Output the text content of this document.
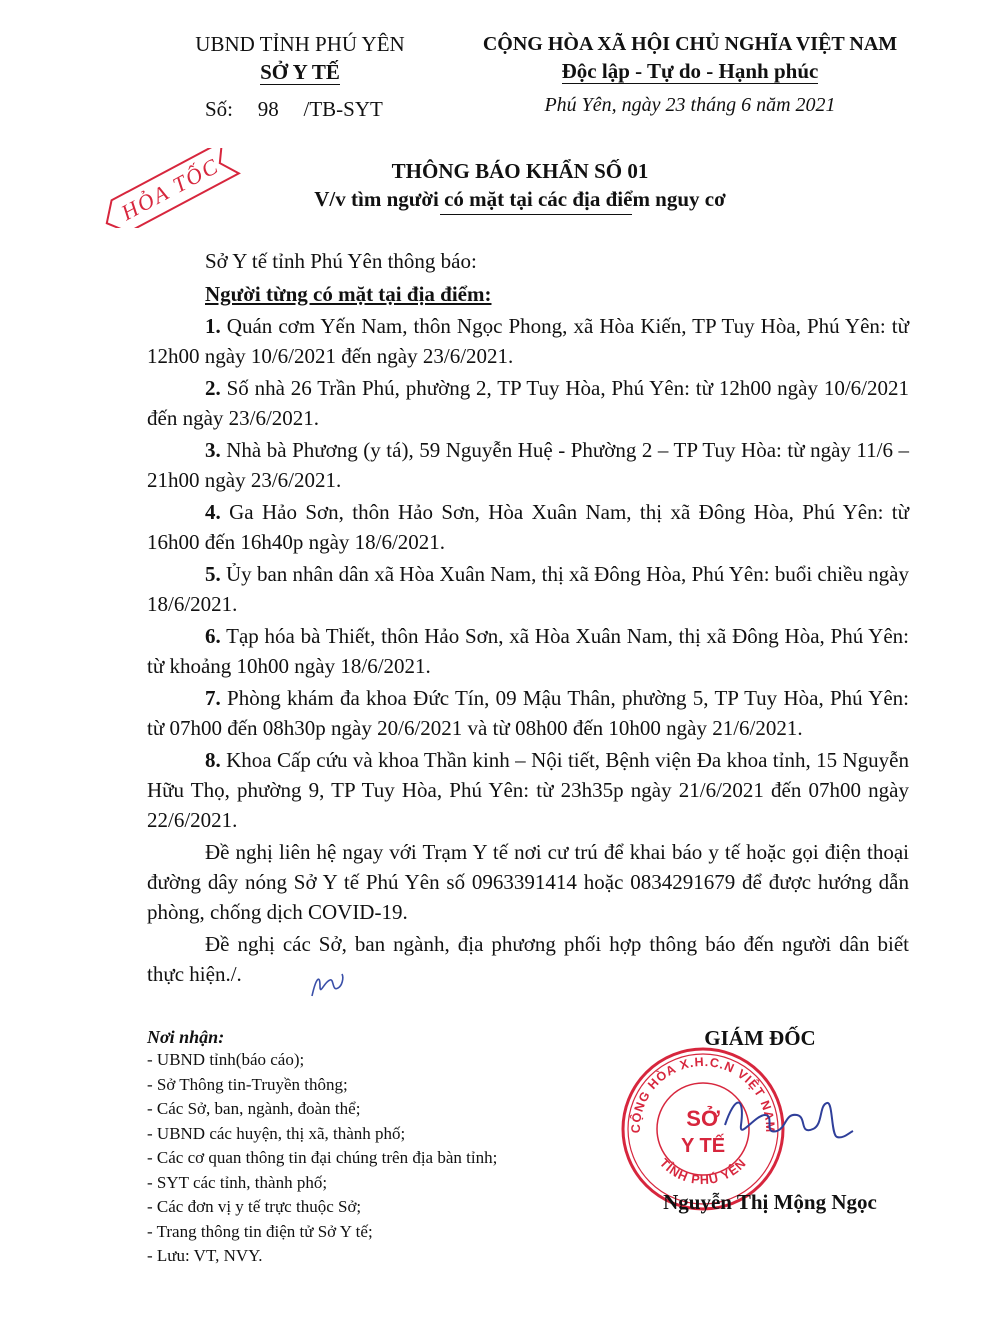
UBND TỈNH PHÚ YÊN
SỞ Y TẾ
Số: 98 /TB-SYT
CỘNG HÒA XÃ HỘI CHỦ NGHĨA VIỆT NAM
Độc lập - Tự do - Hạnh phúc
Phú Yên, ngày 23 tháng 6 năm 2021
HỎA TỐC	THÔNG BÁO KHẨN SỐ 01
V/v tìm người có mặt tại các địa điểm nguy cơ

Sở Y tế tỉnh Phú Yên thông báo:

Người từng có mặt tại địa điểm:

1. Quán cơm Yến Nam, thôn Ngọc Phong, xã Hòa Kiến, TP Tuy Hòa, Phú Yên: từ 12h00 ngày 10/6/2021 đến ngày 23/6/2021.

2. Số nhà 26 Trần Phú, phường 2, TP Tuy Hòa, Phú Yên: từ 12h00 ngày 10/6/2021 đến ngày 23/6/2021.

3. Nhà bà Phương (y tá), 59 Nguyễn Huệ - Phường 2 – TP Tuy Hòa: từ ngày 11/6 – 21h00 ngày 23/6/2021.

4. Ga Hảo Sơn, thôn Hảo Sơn, Hòa Xuân Nam, thị xã Đông Hòa, Phú Yên: từ 16h00 đến 16h40p ngày 18/6/2021.

5. Ủy ban nhân dân xã Hòa Xuân Nam, thị xã Đông Hòa, Phú Yên: buổi chiều ngày 18/6/2021.

6. Tạp hóa bà Thiết, thôn Hảo Sơn, xã Hòa Xuân Nam, thị xã Đông Hòa, Phú Yên: từ khoảng 10h00 ngày 18/6/2021.

7. Phòng khám đa khoa Đức Tín, 09 Mậu Thân, phường 5, TP Tuy Hòa, Phú Yên: từ 07h00 đến 08h30p ngày 20/6/2021 và từ 08h00 đến 10h00 ngày 21/6/2021.

8. Khoa Cấp cứu và khoa Thần kinh – Nội tiết, Bệnh viện Đa khoa tỉnh, 15 Nguyễn Hữu Thọ, phường 9, TP Tuy Hòa, Phú Yên: từ 23h35p ngày 21/6/2021 đến 07h00 ngày 22/6/2021.

Đề nghị liên hệ ngay với Trạm Y tế nơi cư trú để khai báo y tế hoặc gọi điện thoại đường dây nóng Sở Y tế Phú Yên số 0963391414 hoặc 0834291679 để được hướng dẫn phòng, chống dịch COVID-19.

Đề nghị các Sở, ban ngành, địa phương phối hợp thông báo đến người dân biết thực hiện./.

Nơi nhận:
- UBND tỉnh(báo cáo);
- Sở Thông tin-Truyền thông;
- Các Sở, ban, ngành, đoàn thể;
- UBND các huyện, thị xã, thành phố;
- Các cơ quan thông tin đại chúng trên địa bàn tỉnh;
- SYT các tỉnh, thành phố;
- Các đơn vị y tế trực thuộc Sở;
- Trang thông tin điện tử Sở Y tế;
- Lưu: VT, NVY.
GIÁM ĐỐC
CỘNG HÒA X.H.C.N VIỆT NAM
TỈNH PHÚ YÊN
SỞ
Y TẾ
Nguyễn Thị Mộng Ngọc
